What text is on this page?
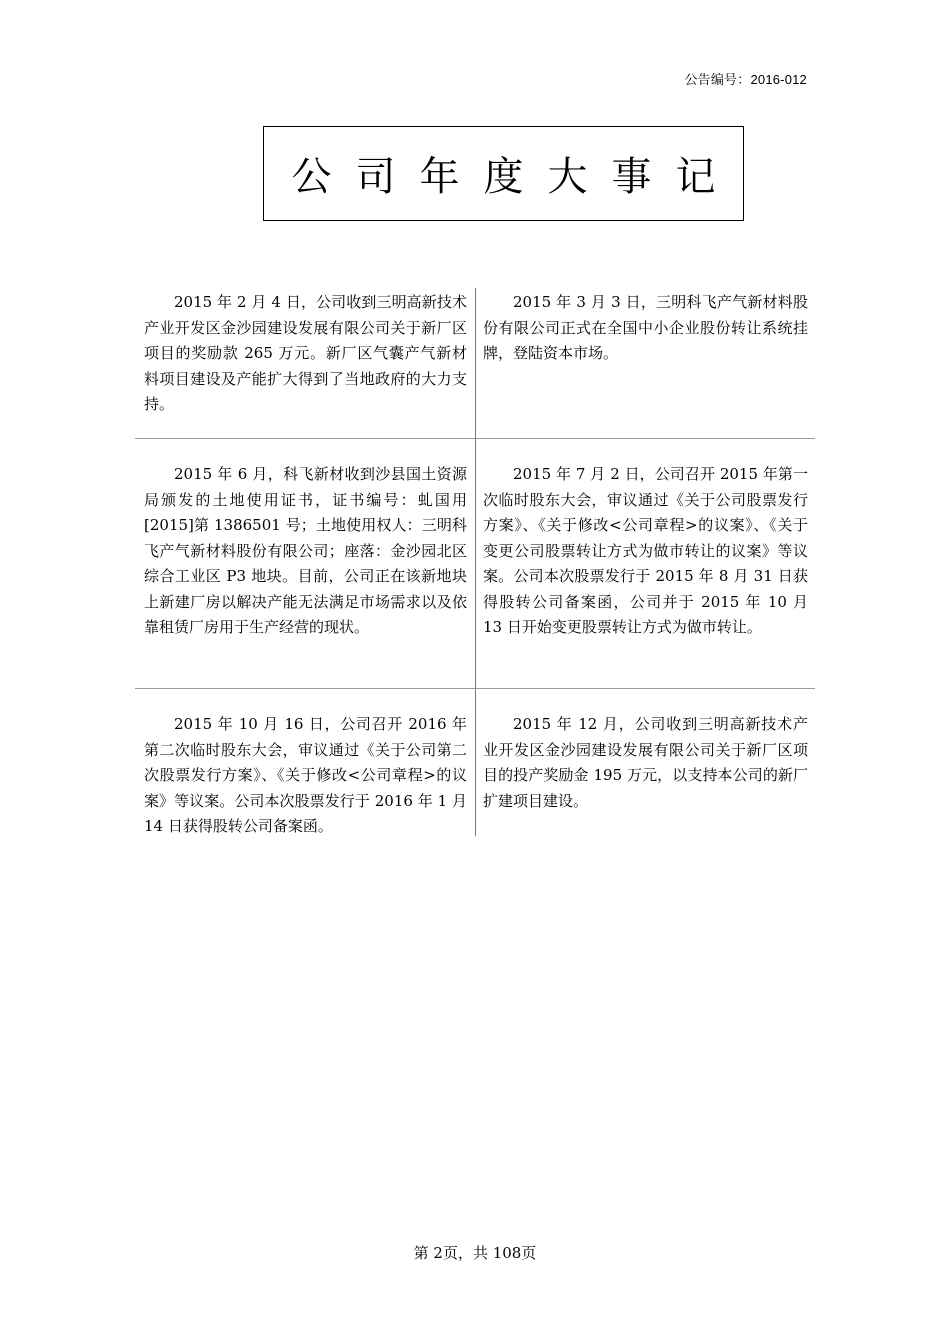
公告编号：2016-012
公司年度大事记
2015 年 2 月 4 日，公司收到三明高新技术产业开发区金沙园建设发展有限公司关于新厂区项目的奖励款 265 万元。新厂区气囊产气新材料项目建设及产能扩大得到了当地政府的大力支持。
2015 年 3 月 3 日，三明科飞产气新材料股份有限公司正式在全国中小企业股份转让系统挂牌，登陆资本市场。
2015 年 6 月，科飞新材收到沙县国土资源局颁发的土地使用证书，证书编号：虬国用[2015]第 1386501 号；土地使用权人：三明科飞产气新材料股份有限公司；座落：金沙园北区综合工业区 P3 地块。目前，公司正在该新地块上新建厂房以解决产能无法满足市场需求以及依靠租赁厂房用于生产经营的现状。
2015 年 7 月 2 日，公司召开 2015 年第一次临时股东大会，审议通过《关于公司股票发行方案》、《关于修改<公司章程>的议案》、《关于变更公司股票转让方式为做市转让的议案》等议案。公司本次股票发行于 2015 年 8 月 31 日获得股转公司备案函，公司并于 2015 年 10 月 13 日开始变更股票转让方式为做市转让。
2015 年 10 月 16 日，公司召开 2016 年第二次临时股东大会，审议通过《关于公司第二次股票发行方案》、《关于修改<公司章程>的议案》等议案。公司本次股票发行于 2016 年 1 月 14 日获得股转公司备案函。
2015 年 12 月，公司收到三明高新技术产业开发区金沙园建设发展有限公司关于新厂区项目的投产奖励金 195 万元，以支持本公司的新厂扩建项目建设。
第 2页，共 108页
